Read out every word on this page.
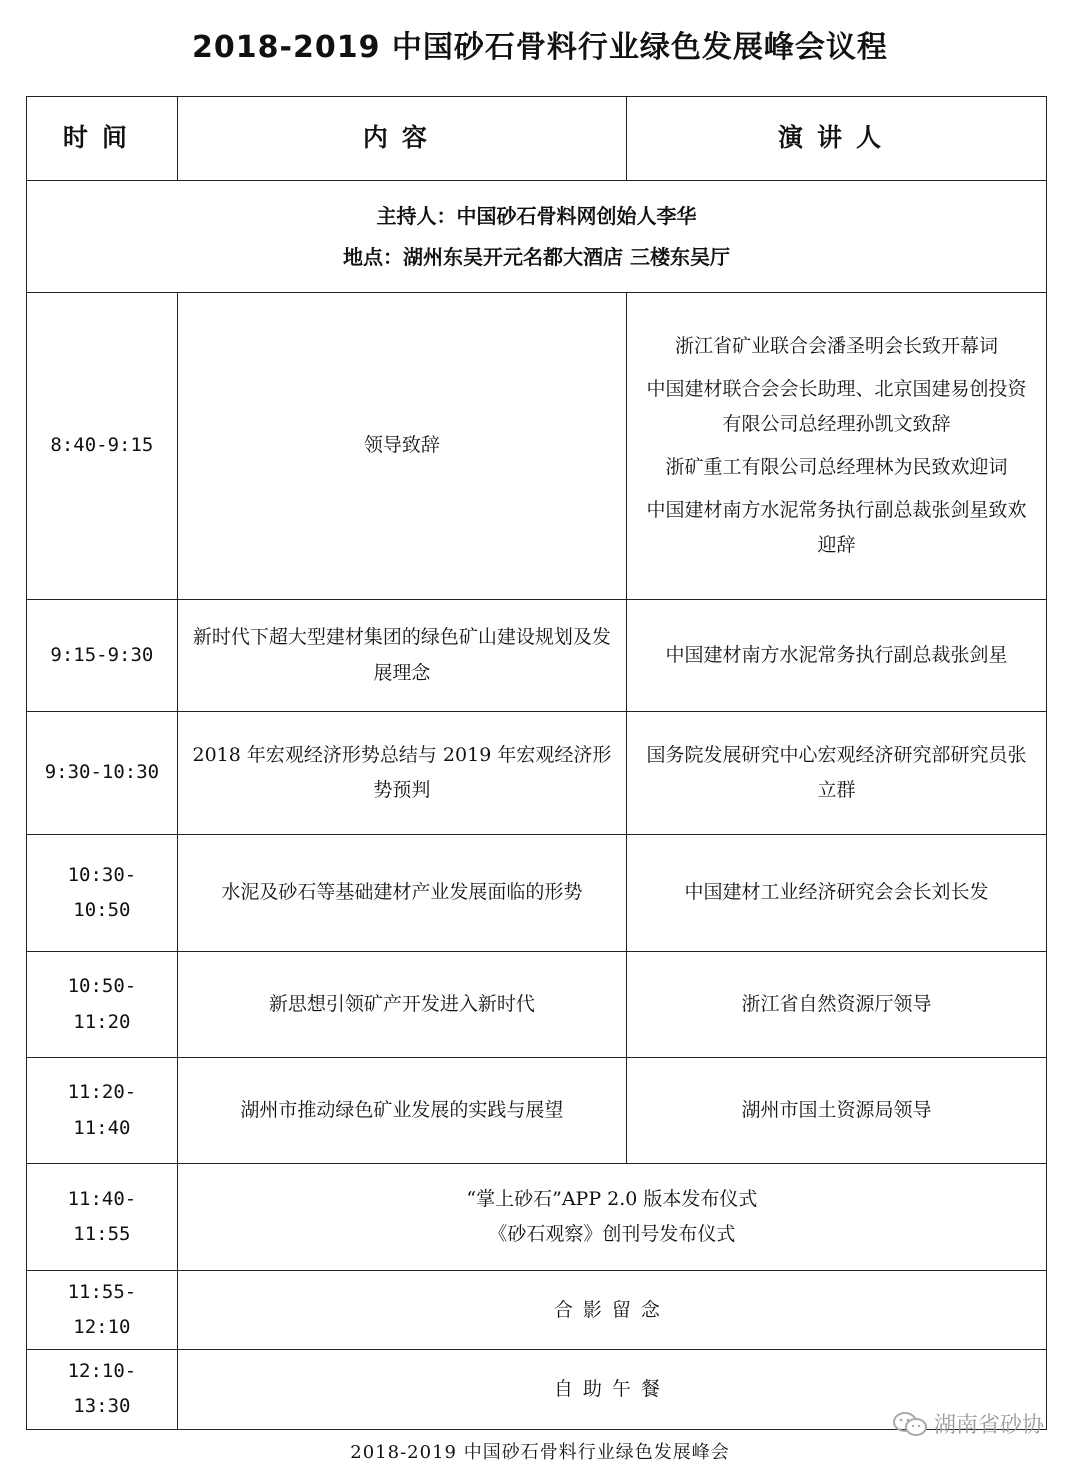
2018-2019 中国砂石骨料行业绿色发展峰会议程
时间	内容	演讲人

主持人：中国砂石骨料网创始人李华

地点：湖州东吴开元名都大酒店 三楼东吴厅		

8:40-9:15	领导致辞	浙江省矿业联合会潘圣明会长致开幕词
中国建材联合会会长助理、北京国建易创投资有限公司总经理孙凯文致辞
浙矿重工有限公司总经理林为民致欢迎词
中国建材南方水泥常务执行副总裁张剑星致欢迎辞

9:15-9:30	新时代下超大型建材集团的绿色矿山建设规划及发展理念	中国建材南方水泥常务执行副总裁张剑星
9:30-10:30	2018 年宏观经济形势总结与 2019 年宏观经济形势预判	国务院发展研究中心宏观经济研究部研究员张立群
10:30-10:50	水泥及砂石等基础建材产业发展面临的形势	中国建材工业经济研究会会长刘长发
10:50-11:20	新思想引领矿产开发进入新时代	浙江省自然资源厅领导
11:20-11:40	湖州市推动绿色矿业发展的实践与展望	湖州市国土资源局领导
11:40-11:55	“掌上砂石”APP 2.0 版本发布仪式
《砂石观察》创刊号发布仪式	

11:55-12:10	合影留念	
12:10-13:30	自助午餐	
湖南省砂协
2018-2019 中国砂石骨料行业绿色发展峰会
